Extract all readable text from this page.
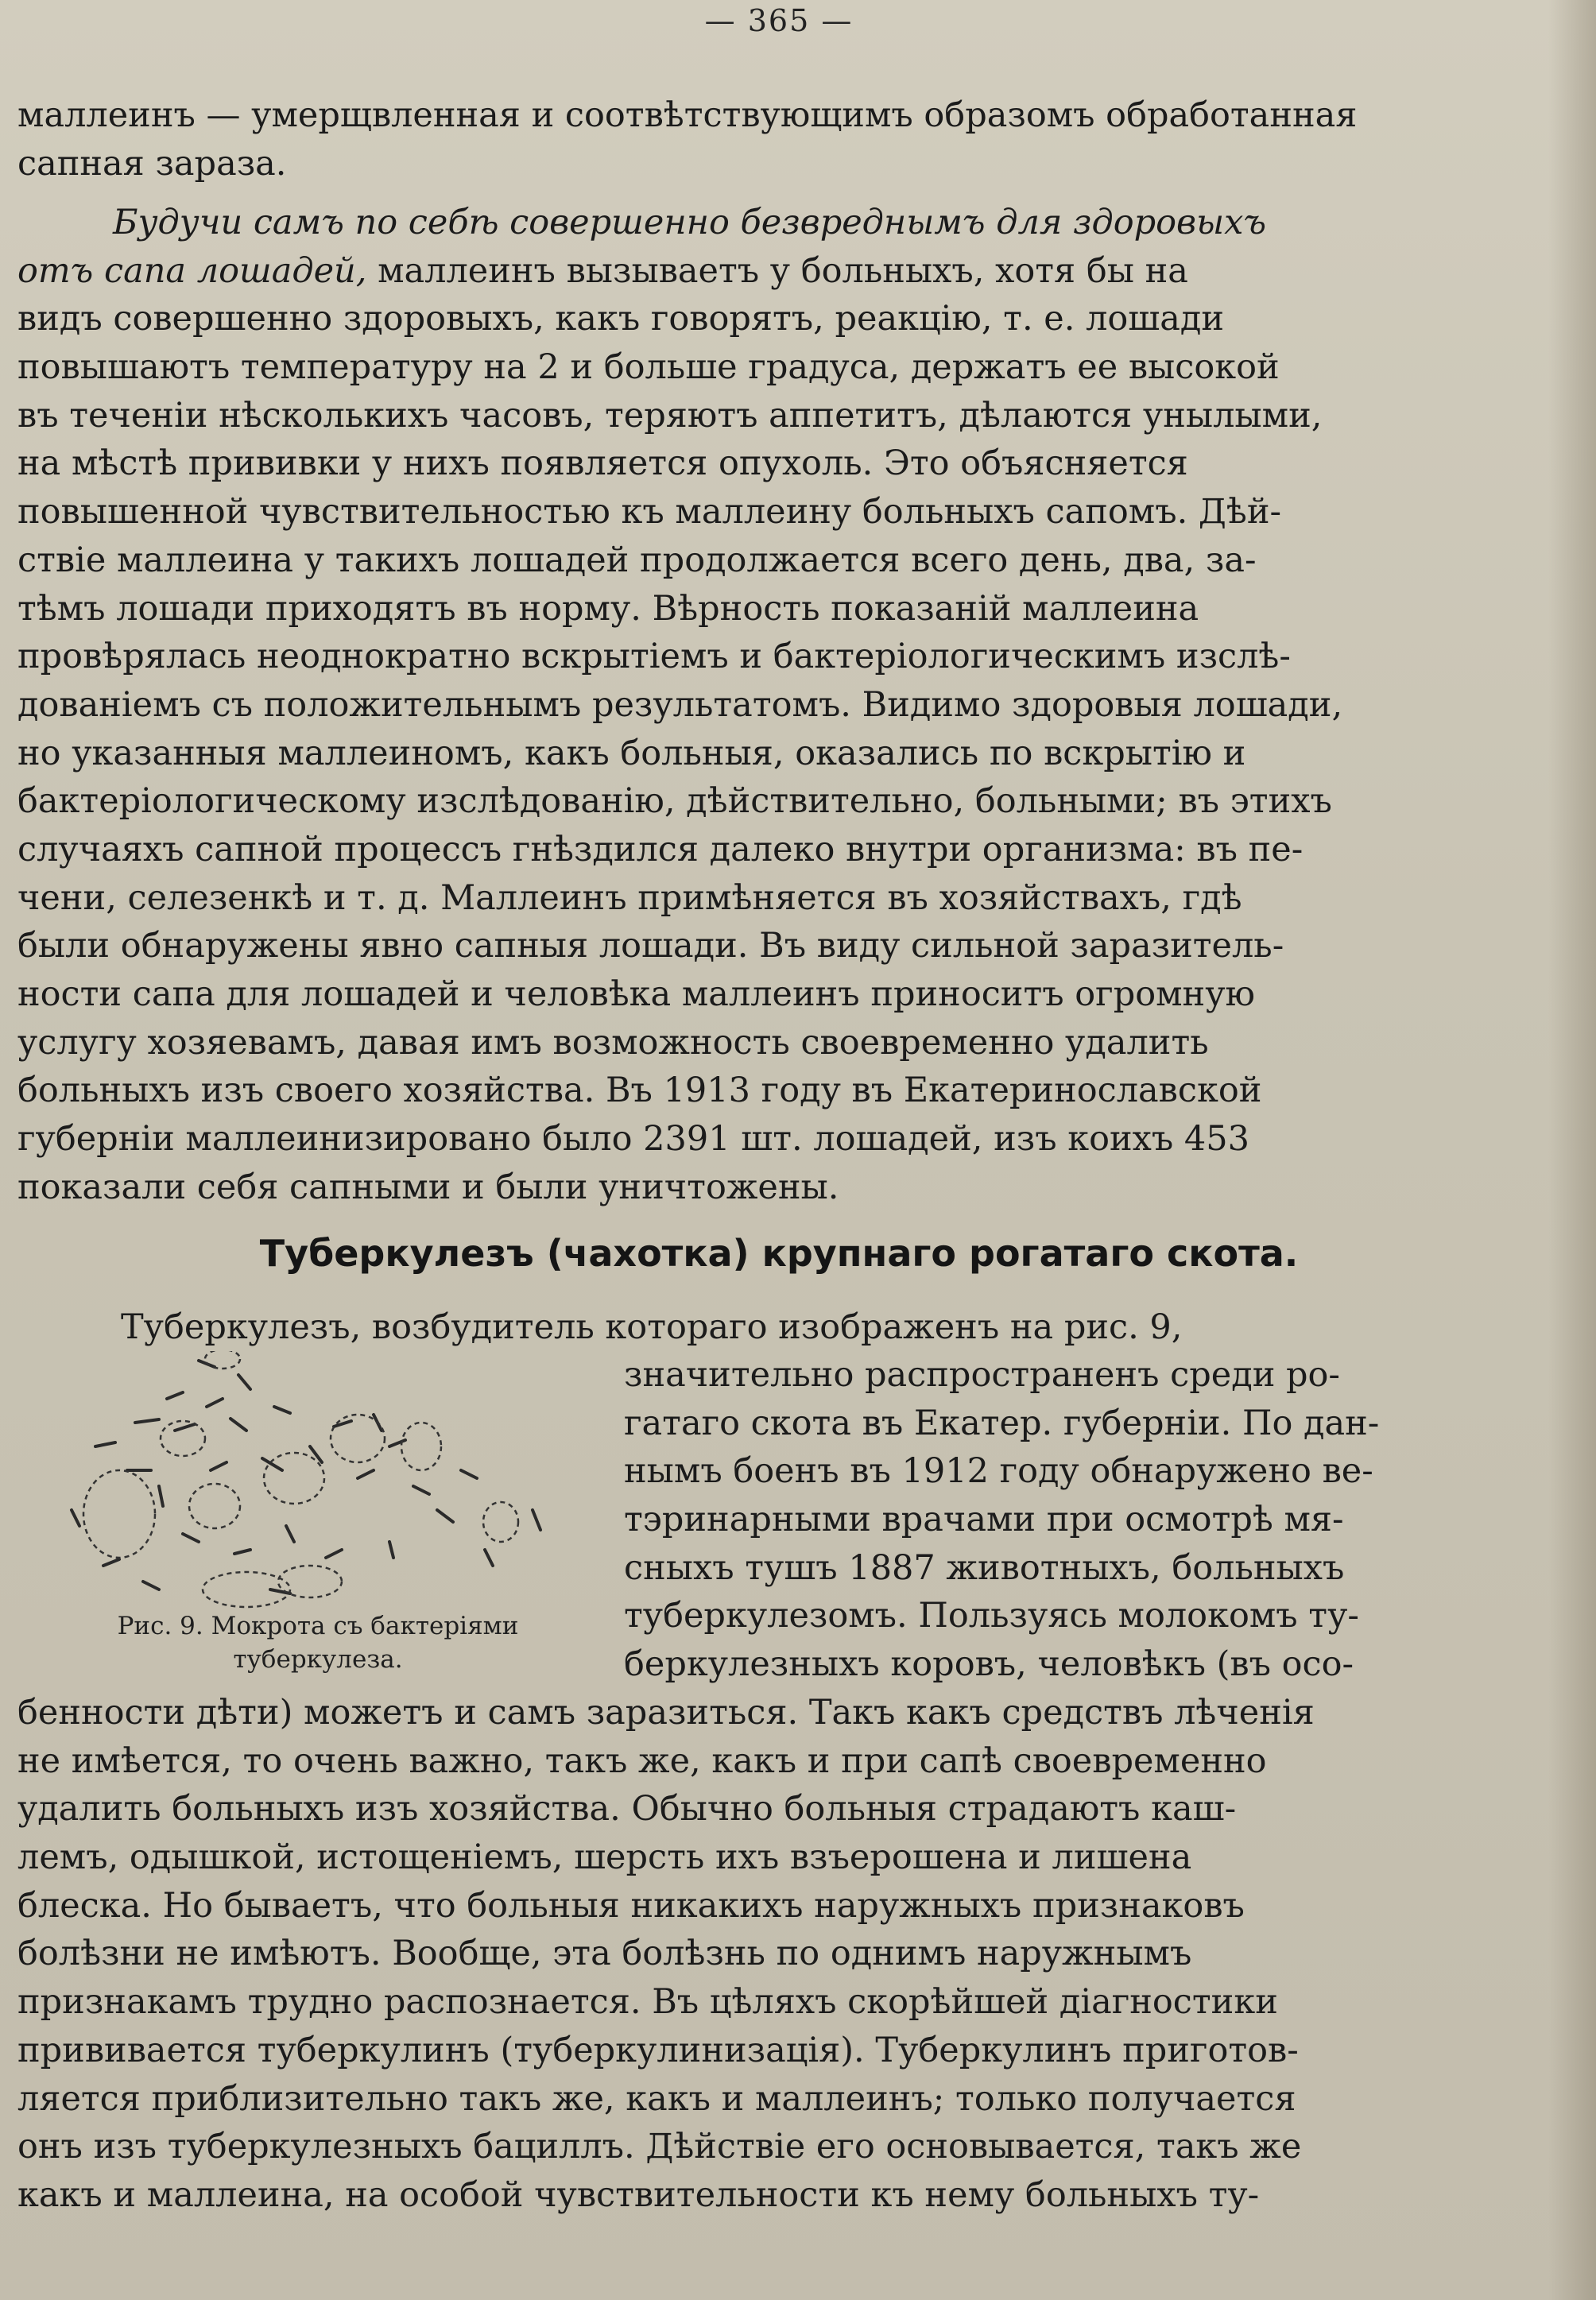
— 365 —
маллеинъ — умерщвленная и соотвѣтствующимъ образомъ обработанная
сапная зараза.
Будучи самъ по себѣ совершенно безвреднымъ для здоровыхъ
отъ сапа лошадей, маллеинъ вызываетъ у больныхъ, хотя бы на
видъ совершенно здоровыхъ, какъ говорятъ, реакцію, т. е. лошади
повышаютъ температуру на 2 и больше градуса, держатъ ее высокой
въ теченіи нѣсколькихъ часовъ, теряютъ аппетитъ, дѣлаются унылыми,
на мѣстѣ прививки у нихъ появляется опухоль. Это объясняется
повышенной чувствительностью къ маллеину больныхъ сапомъ. Дѣй-
ствіе маллеина у такихъ лошадей продолжается всего день, два, за-
тѣмъ лошади приходятъ въ норму. Вѣрность показаній маллеина
провѣрялась неоднократно вскрытіемъ и бактеріологическимъ изслѣ-
дованіемъ съ положительнымъ результатомъ. Видимо здоровыя лошади,
но указанныя маллеиномъ, какъ больныя, оказались по вскрытію и
бактеріологическому изслѣдованію, дѣйствительно, больными; въ этихъ
случаяхъ сапной процессъ гнѣздился далеко внутри организма: въ пе-
чени, селезенкѣ и т. д. Маллеинъ примѣняется въ хозяйствахъ, гдѣ
были обнаружены явно сапныя лошади. Въ виду сильной заразитель-
ности сапа для лошадей и человѣка маллеинъ приноситъ огромную
услугу хозяевамъ, давая имъ возможность своевременно удалить
больныхъ изъ своего хозяйства. Въ 1913 году въ Екатеринославской
губерніи маллеинизировано было 2391 шт. лошадей, изъ коихъ 453
показали себя сапными и были уничтожены.
Туберкулезъ (чахотка) крупнаго рогатаго скота.
Туберкулезъ, возбудитель котораго изображенъ на рис. 9,
Рис. 9. Мокрота съ бактеріями
туберкулеза.
значительно распространенъ среди ро-
гатаго скота въ Екатер. губерніи. По дан-
нымъ боенъ въ 1912 году обнаружено ве-
тэринарными врачами при осмотрѣ мя-
сныхъ тушъ 1887 животныхъ, больныхъ
туберкулезомъ. Пользуясь молокомъ ту-
беркулезныхъ коровъ, человѣкъ (въ осо-
бенности дѣти) можетъ и самъ заразиться. Такъ какъ средствъ лѣченія
не имѣется, то очень важно, такъ же, какъ и при сапѣ своевременно
удалить больныхъ изъ хозяйства. Обычно больныя страдаютъ каш-
лемъ, одышкой, истощеніемъ, шерсть ихъ взъерошена и лишена
блеска. Но бываетъ, что больныя никакихъ наружныхъ признаковъ
болѣзни не имѣютъ. Вообще, эта болѣзнь по однимъ наружнымъ
признакамъ трудно распознается. Въ цѣляхъ скорѣйшей діагностики
прививается туберкулинъ (туберкулинизація). Туберкулинъ приготов-
ляется приблизительно такъ же, какъ и маллеинъ; только получается
онъ изъ туберкулезныхъ бациллъ. Дѣйствіе его основывается, такъ же
какъ и маллеина, на особой чувствительности къ нему больныхъ ту-
